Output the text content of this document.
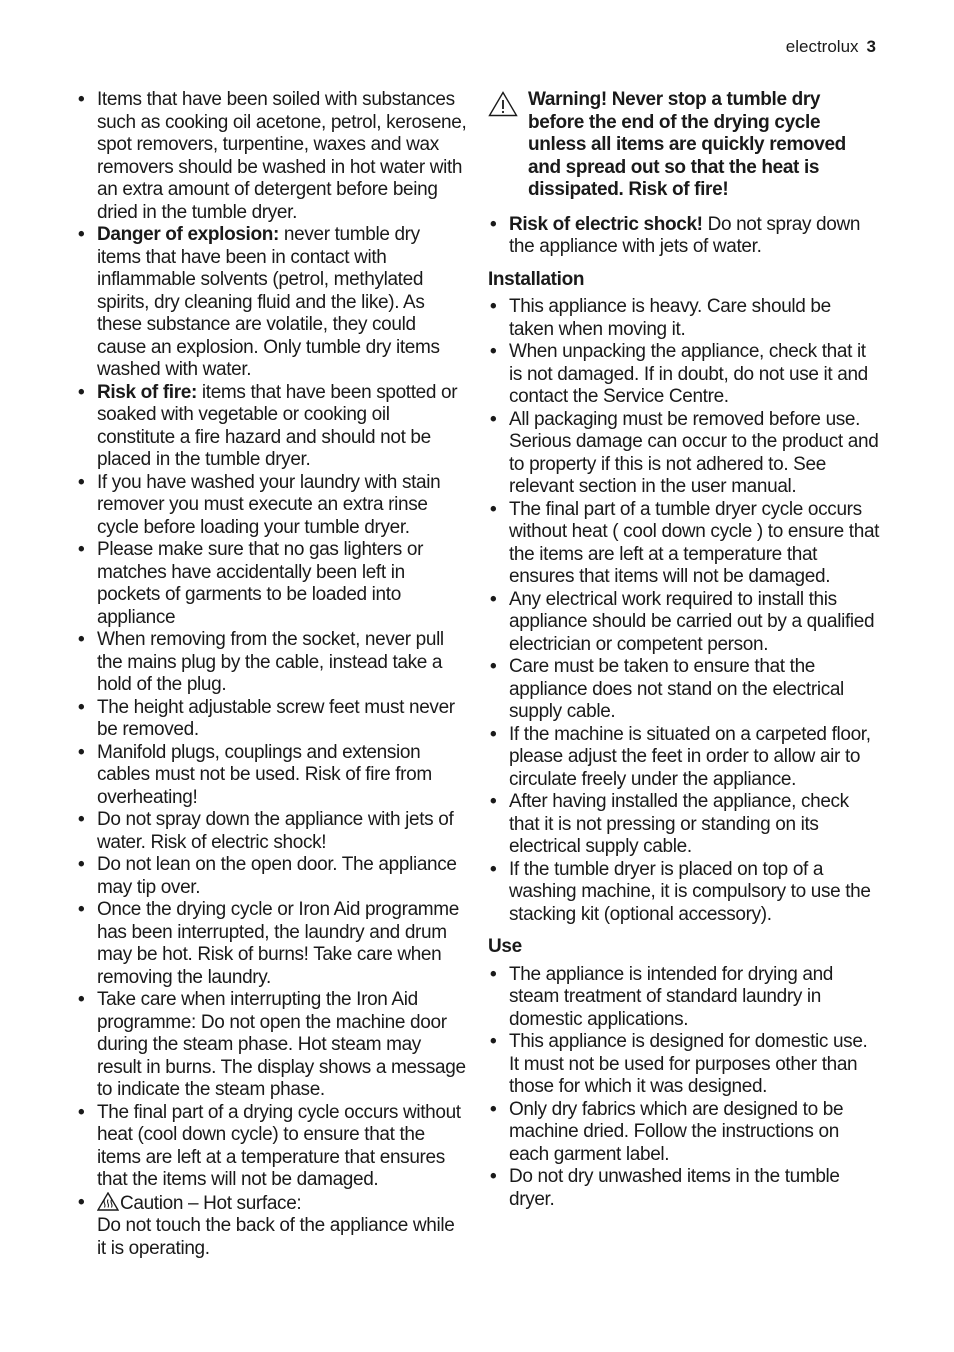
electrolux 3
• Items that have been soiled with substances such as cooking oil acetone, petrol, kerosene, spot removers, turpentine, waxes and wax removers should be washed in hot water with an extra amount of detergent before being dried in the tumble dryer.
• Danger of explosion: never tumble dry items that have been in contact with inflammable solvents (petrol, methylated spirits, dry cleaning fluid and the like). As these substance are volatile, they could cause an explosion. Only tumble dry items washed with water.
• Risk of fire: items that have been spotted or soaked with vegetable or cooking oil constitute a fire hazard and should not be placed in the tumble dryer.
• If you have washed your laundry with stain remover you must execute an extra rinse cycle before loading your tumble dryer.
• Please make sure that no gas lighters or matches have accidentally been left in pockets of garments to be loaded into appliance
• When removing from the socket, never pull the mains plug by the cable, instead take a hold of the plug.
• The height adjustable screw feet must never be removed.
• Manifold plugs, couplings and extension cables must not be used. Risk of fire from overheating!
• Do not spray down the appliance with jets of water. Risk of electric shock!
• Do not lean on the open door. The appliance may tip over.
• Once the drying cycle or Iron Aid programme has been interrupted, the laundry and drum may be hot. Risk of burns! Take care when removing the laundry.
• Take care when interrupting the Iron Aid programme: Do not open the machine door during the steam phase. Hot steam may result in burns. The display shows a message to indicate the steam phase.
• The final part of a drying cycle occurs without heat (cool down cycle) to ensure that the items are left at a temperature that ensures that the items will not be damaged.
• Caution – Hot surface:
Do not touch the back of the appliance while it is operating.
Warning! Never stop a tumble dry before the end of the drying cycle unless all items are quickly removed and spread out so that the heat is dissipated. Risk of fire!
• Risk of electric shock! Do not spray down the appliance with jets of water.
Installation
• This appliance is heavy. Care should be taken when moving it.
• When unpacking the appliance, check that it is not damaged. If in doubt, do not use it and contact the Service Centre.
• All packaging must be removed before use. Serious damage can occur to the product and to property if this is not adhered to. See relevant section in the user manual.
• The final part of a tumble dryer cycle occurs without heat ( cool down cycle ) to ensure that the items are left at a temperature that ensures that items will not be damaged.
• Any electrical work required to install this appliance should be carried out by a qualified electrician or competent person.
• Care must be taken to ensure that the appliance does not stand on the electrical supply cable.
• If the machine is situated on a carpeted floor, please adjust the feet in order to allow air to circulate freely under the appliance.
• After having installed the appliance, check that it is not pressing or standing on its electrical supply cable.
• If the tumble dryer is placed on top of a washing machine, it is compulsory to use the stacking kit (optional accessory).
Use
• The appliance is intended for drying and steam treatment of standard laundry in domestic applications.
• This appliance is designed for domestic use. It must not be used for purposes other than those for which it was designed.
• Only dry fabrics which are designed to be machine dried. Follow the instructions on each garment label.
• Do not dry unwashed items in the tumble dryer.
